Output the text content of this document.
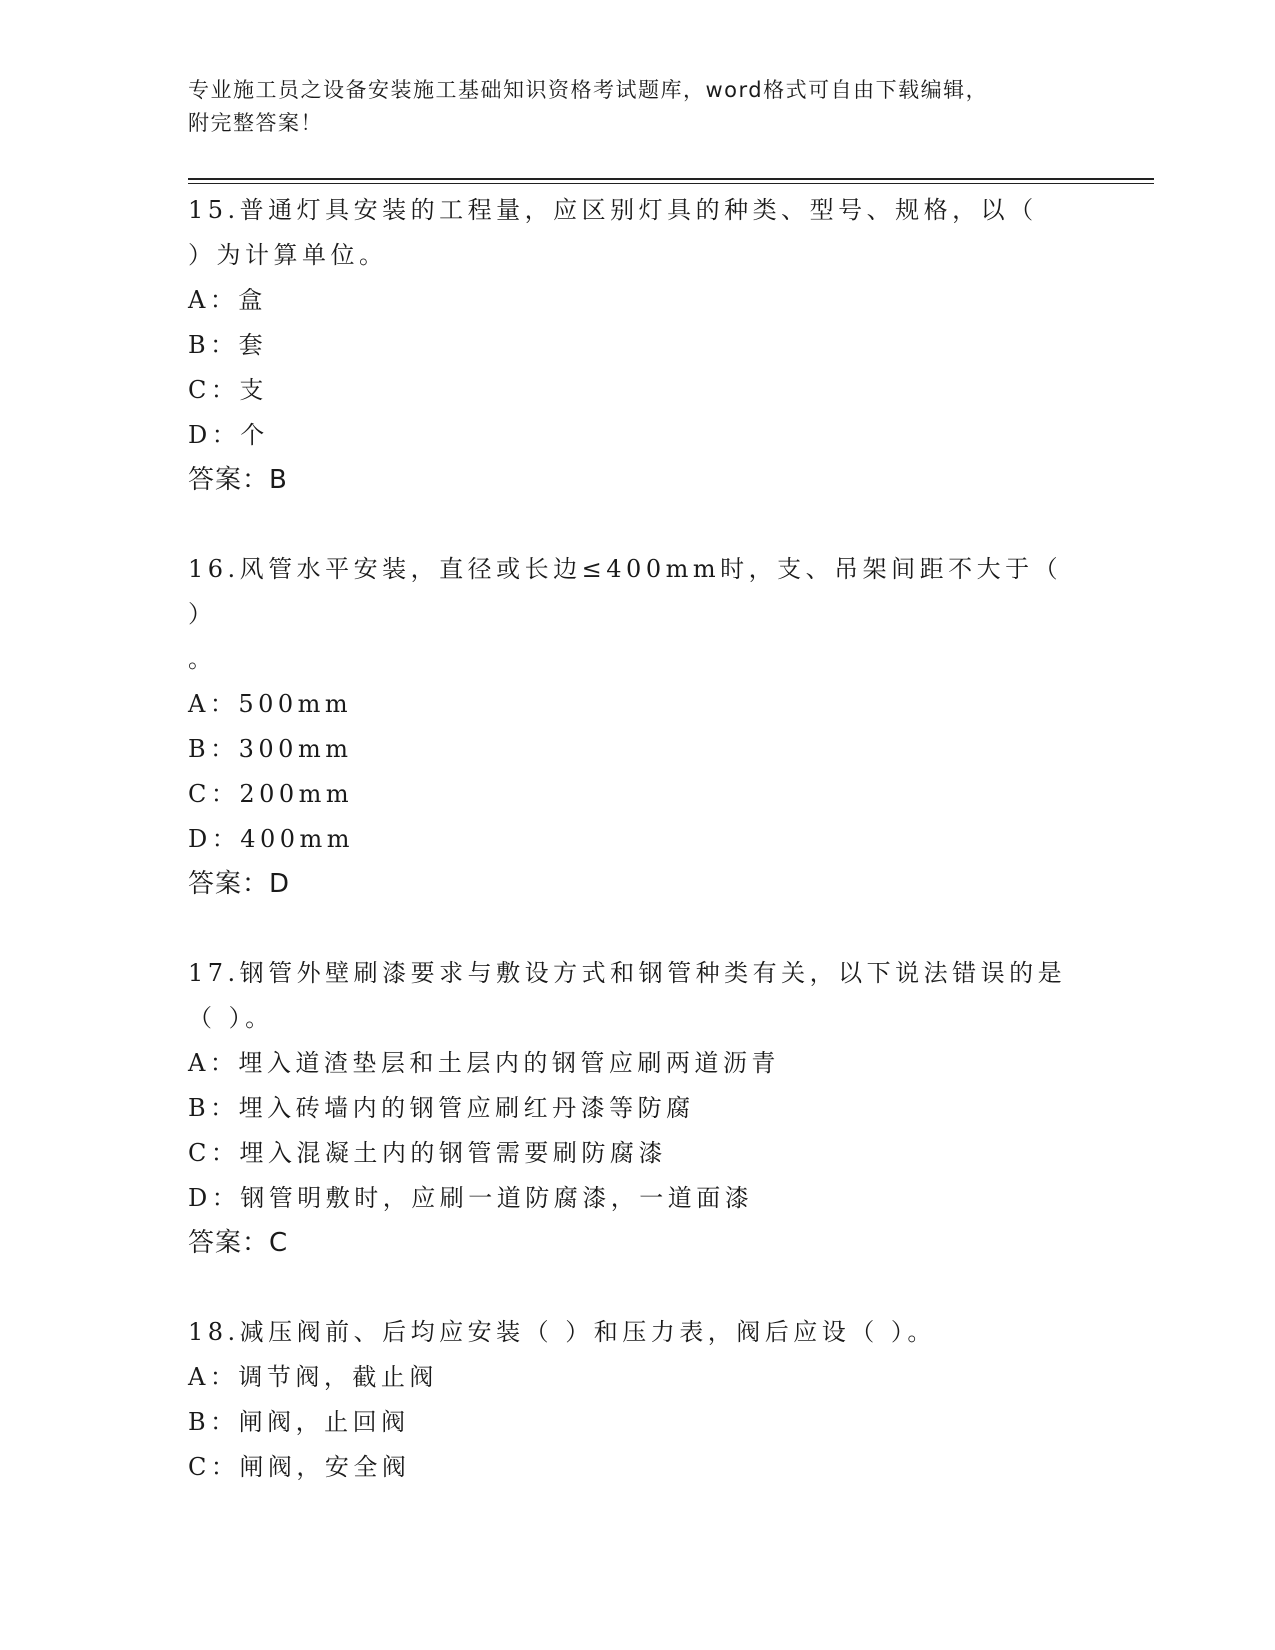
专业施工员之设备安装施工基础知识资格考试题库，word格式可自由下载编辑，
附完整答案！
15.普通灯具安装的工程量，应区别灯具的种类、型号、规格，以（
）为计算单位。
A：盒
B：套
C：支
D：个
答案：B
16.风管水平安装，直径或长边≤400mm时，支、吊架间距不大于（ ）
。
A：500mm
B：300mm
C：200mm
D：400mm
答案：D
17.钢管外壁刷漆要求与敷设方式和钢管种类有关，以下说法错误的是
（ ）。
A：埋入道渣垫层和土层内的钢管应刷两道沥青
B：埋入砖墙内的钢管应刷红丹漆等防腐
C：埋入混凝土内的钢管需要刷防腐漆
D：钢管明敷时，应刷一道防腐漆，一道面漆
答案：C
18.减压阀前、后均应安装（ ）和压力表，阀后应设（ ）。
A：调节阀，截止阀
B：闸阀，止回阀
C：闸阀，安全阀
